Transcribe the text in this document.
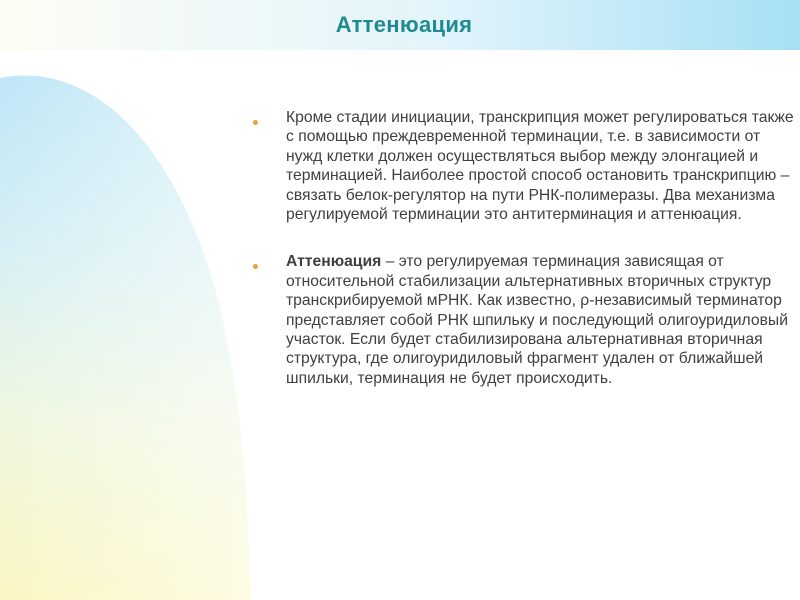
Аттенюация

Кроме стадии инициации, транскрипция может регулироваться также с помощью преждевременной терминации, т.е. в зависимости от нужд клетки должен осуществляться выбор между элонгацией и терминацией. Наиболее простой способ остановить транскрипцию – связать белок-регулятор на пути РНК-полимеразы. Два механизма регулируемой терминации это антитерминация и аттенюация.

Аттенюация – это регулируемая терминация зависящая от относительной стабилизации альтернативных вторичных структур транскрибируемой мРНК. Как известно, ρ-независимый терминатор представляет собой РНК шпильку и последующий олигоуридиловый участок. Если будет стабилизирована альтернативная вторичная структура, где олигоуридиловый фрагмент удален от ближайшей шпильки, терминация не будет происходить.
